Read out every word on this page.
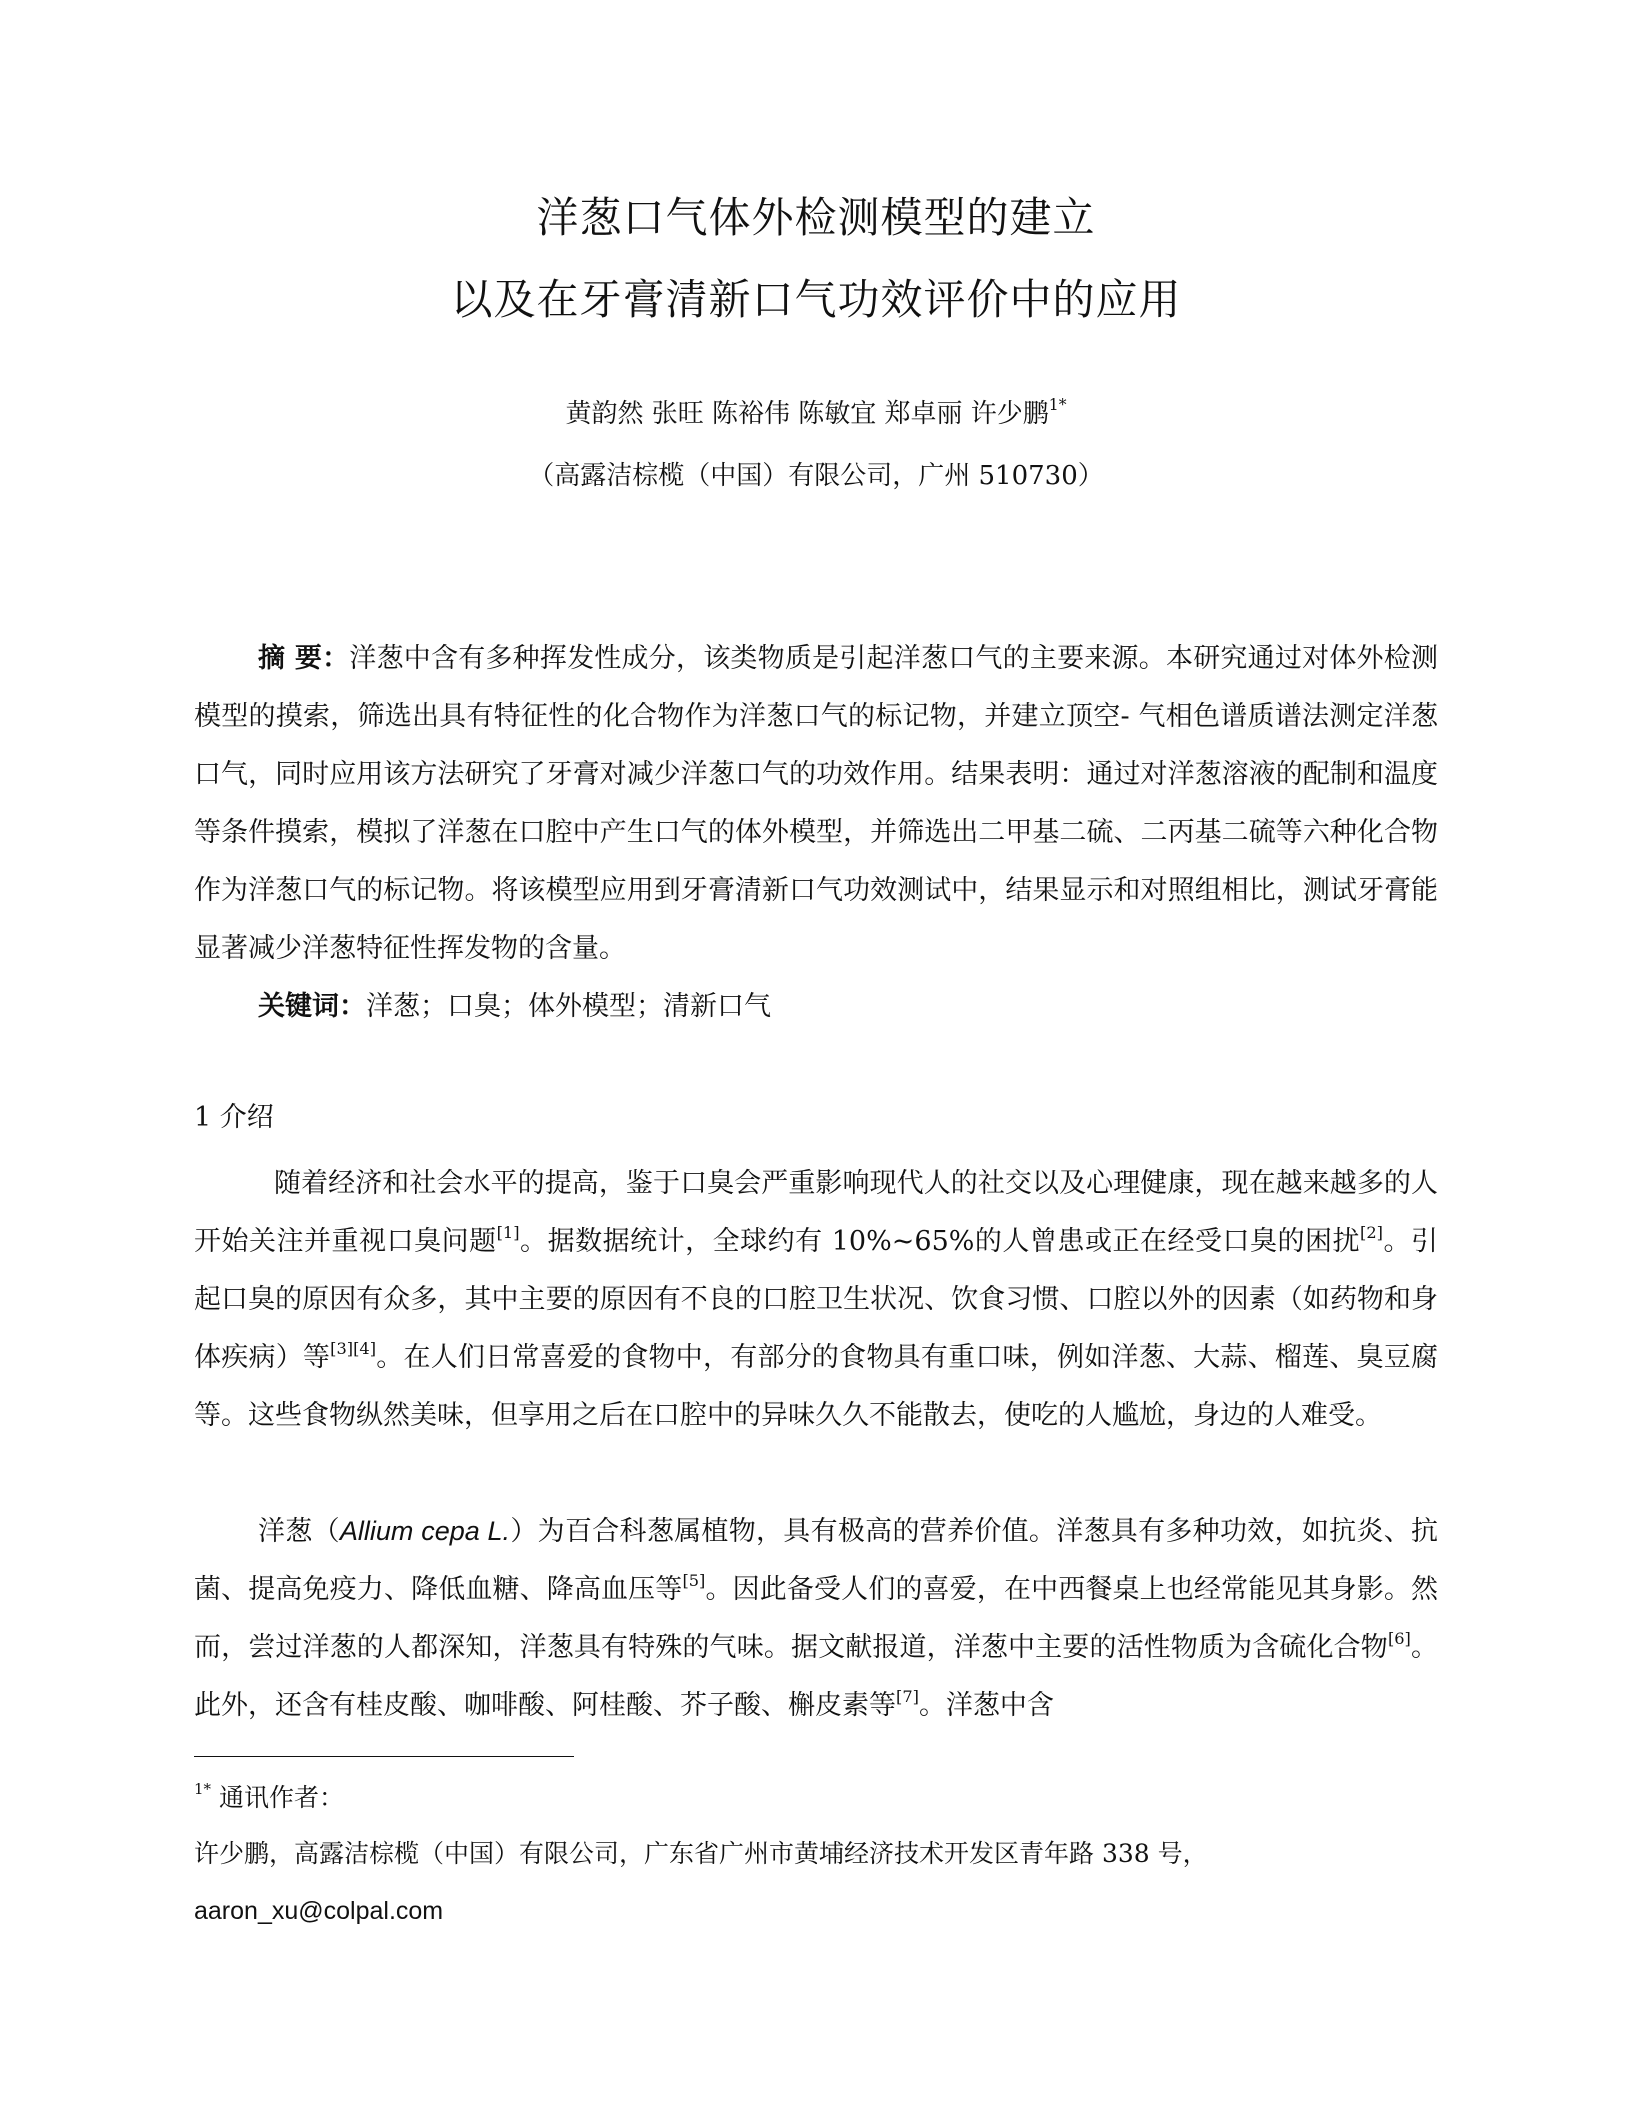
洋葱口气体外检测模型的建立
以及在牙膏清新口气功效评价中的应用
黄韵然 张旺 陈裕伟 陈敏宜 郑卓丽 许少鹏$^{1*}$
（高露洁棕榄（中国）有限公司，广州 510730）
摘 要：洋葱中含有多种挥发性成分，该类物质是引起洋葱口气的主要来源。本研究通过对体外检测模型的摸索，筛选出具有特征性的化合物作为洋葱口气的标记物，并建立顶空- 气相色谱质谱法测定洋葱口气，同时应用该方法研究了牙膏对减少洋葱口气的功效作用。结果表明：通过对洋葱溶液的配制和温度等条件摸索，模拟了洋葱在口腔中产生口气的体外模型，并筛选出二甲基二硫、二丙基二硫等六种化合物作为洋葱口气的标记物。将该模型应用到牙膏清新口气功效测试中，结果显示和对照组相比，测试牙膏能显著减少洋葱特征性挥发物的含量。
关键词：洋葱；口臭；体外模型；清新口气
1 介绍
随着经济和社会水平的提高，鉴于口臭会严重影响现代人的社交以及心理健康，现在越来越多的人开始关注并重视口臭问题[1]。据数据统计，全球约有 10%~65%的人曾患或正在经受口臭的困扰[2]。引起口臭的原因有众多，其中主要的原因有不良的口腔卫生状况、饮食习惯、口腔以外的因素（如药物和身体疾病）等[3][4]。在人们日常喜爱的食物中，有部分的食物具有重口味，例如洋葱、大蒜、榴莲、臭豆腐等。这些食物纵然美味，但享用之后在口腔中的异味久久不能散去，使吃的人尴尬，身边的人难受。
洋葱（Allium cepa L.）为百合科葱属植物，具有极高的营养价值。洋葱具有多种功效，如抗炎、抗菌、提高免疫力、降低血糖、降高血压等[5]。因此备受人们的喜爱，在中西餐桌上也经常能见其身影。然而，尝过洋葱的人都深知，洋葱具有特殊的气味。据文献报道，洋葱中主要的活性物质为含硫化合物[6]。此外，还含有桂皮酸、咖啡酸、阿桂酸、芥子酸、槲皮素等[7]。洋葱中含
$^{1*}$ 通讯作者：
许少鹏，高露洁棕榄（中国）有限公司，广东省广州市黄埔经济技术开发区青年路 338 号，
aaron_xu@colpal.com
